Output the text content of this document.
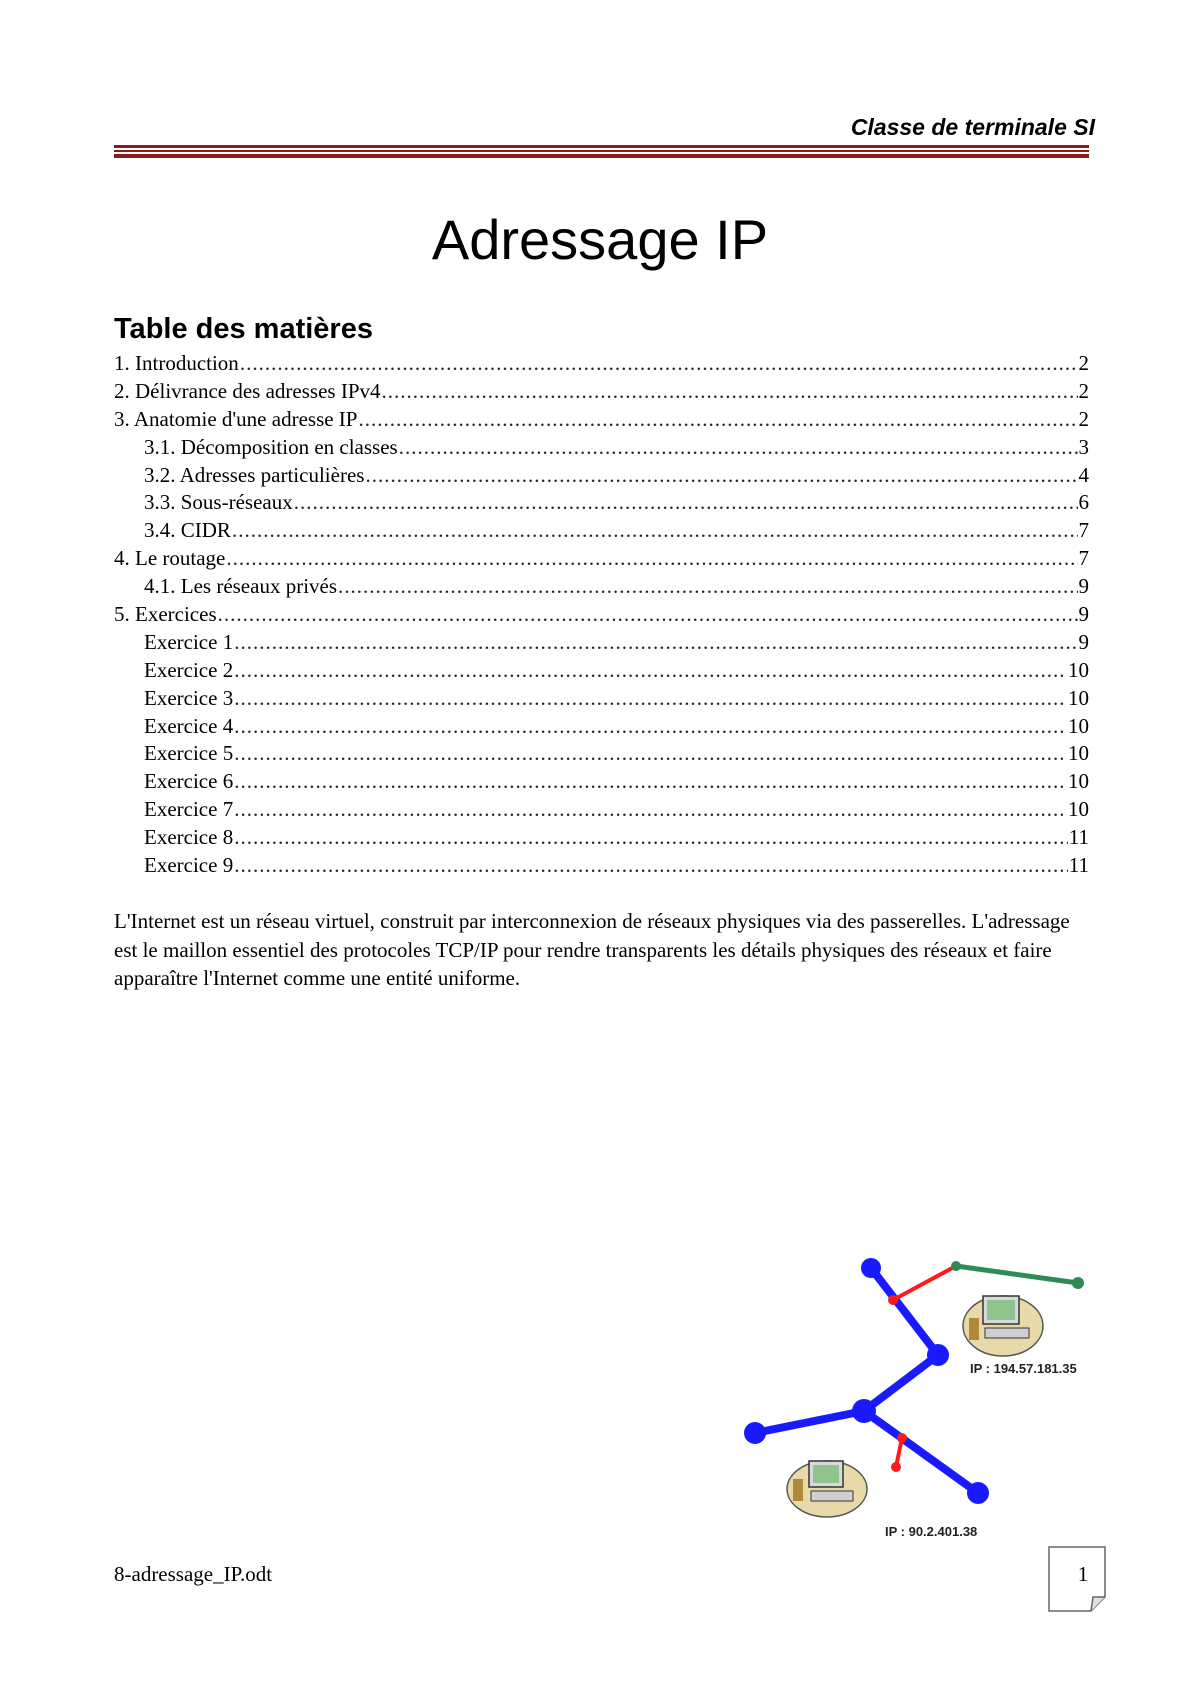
Classe de terminale SI
Adressage IP
Table des matières
1. Introduction .....	2
2. Délivrance des adresses IPv4 .....	2
3. Anatomie d'une adresse IP .....	2
3.1. Décomposition en classes .....	3
3.2. Adresses particulières .....	4
3.3. Sous-réseaux .....	6
3.4. CIDR .....	7
4. Le routage .....	7
4.1. Les réseaux privés .....	9
5. Exercices .....	9
Exercice 1 .....	9
Exercice 2 .....	10
Exercice 3 .....	10
Exercice 4 .....	10
Exercice 5 .....	10
Exercice 6 .....	10
Exercice 7 .....	10
Exercice 8 .....	11
Exercice 9 .....	11

L'Internet est un réseau virtuel, construit par interconnexion de réseaux physiques via des passerelles. L'adressage est le maillon essentiel des protocoles TCP/IP pour rendre transparents les détails physiques des réseaux et faire apparaître l'Internet comme une entité uniforme.

IP : 194.57.181.35
IP : 90.2.401.38
8-adressage_IP.odt	1
